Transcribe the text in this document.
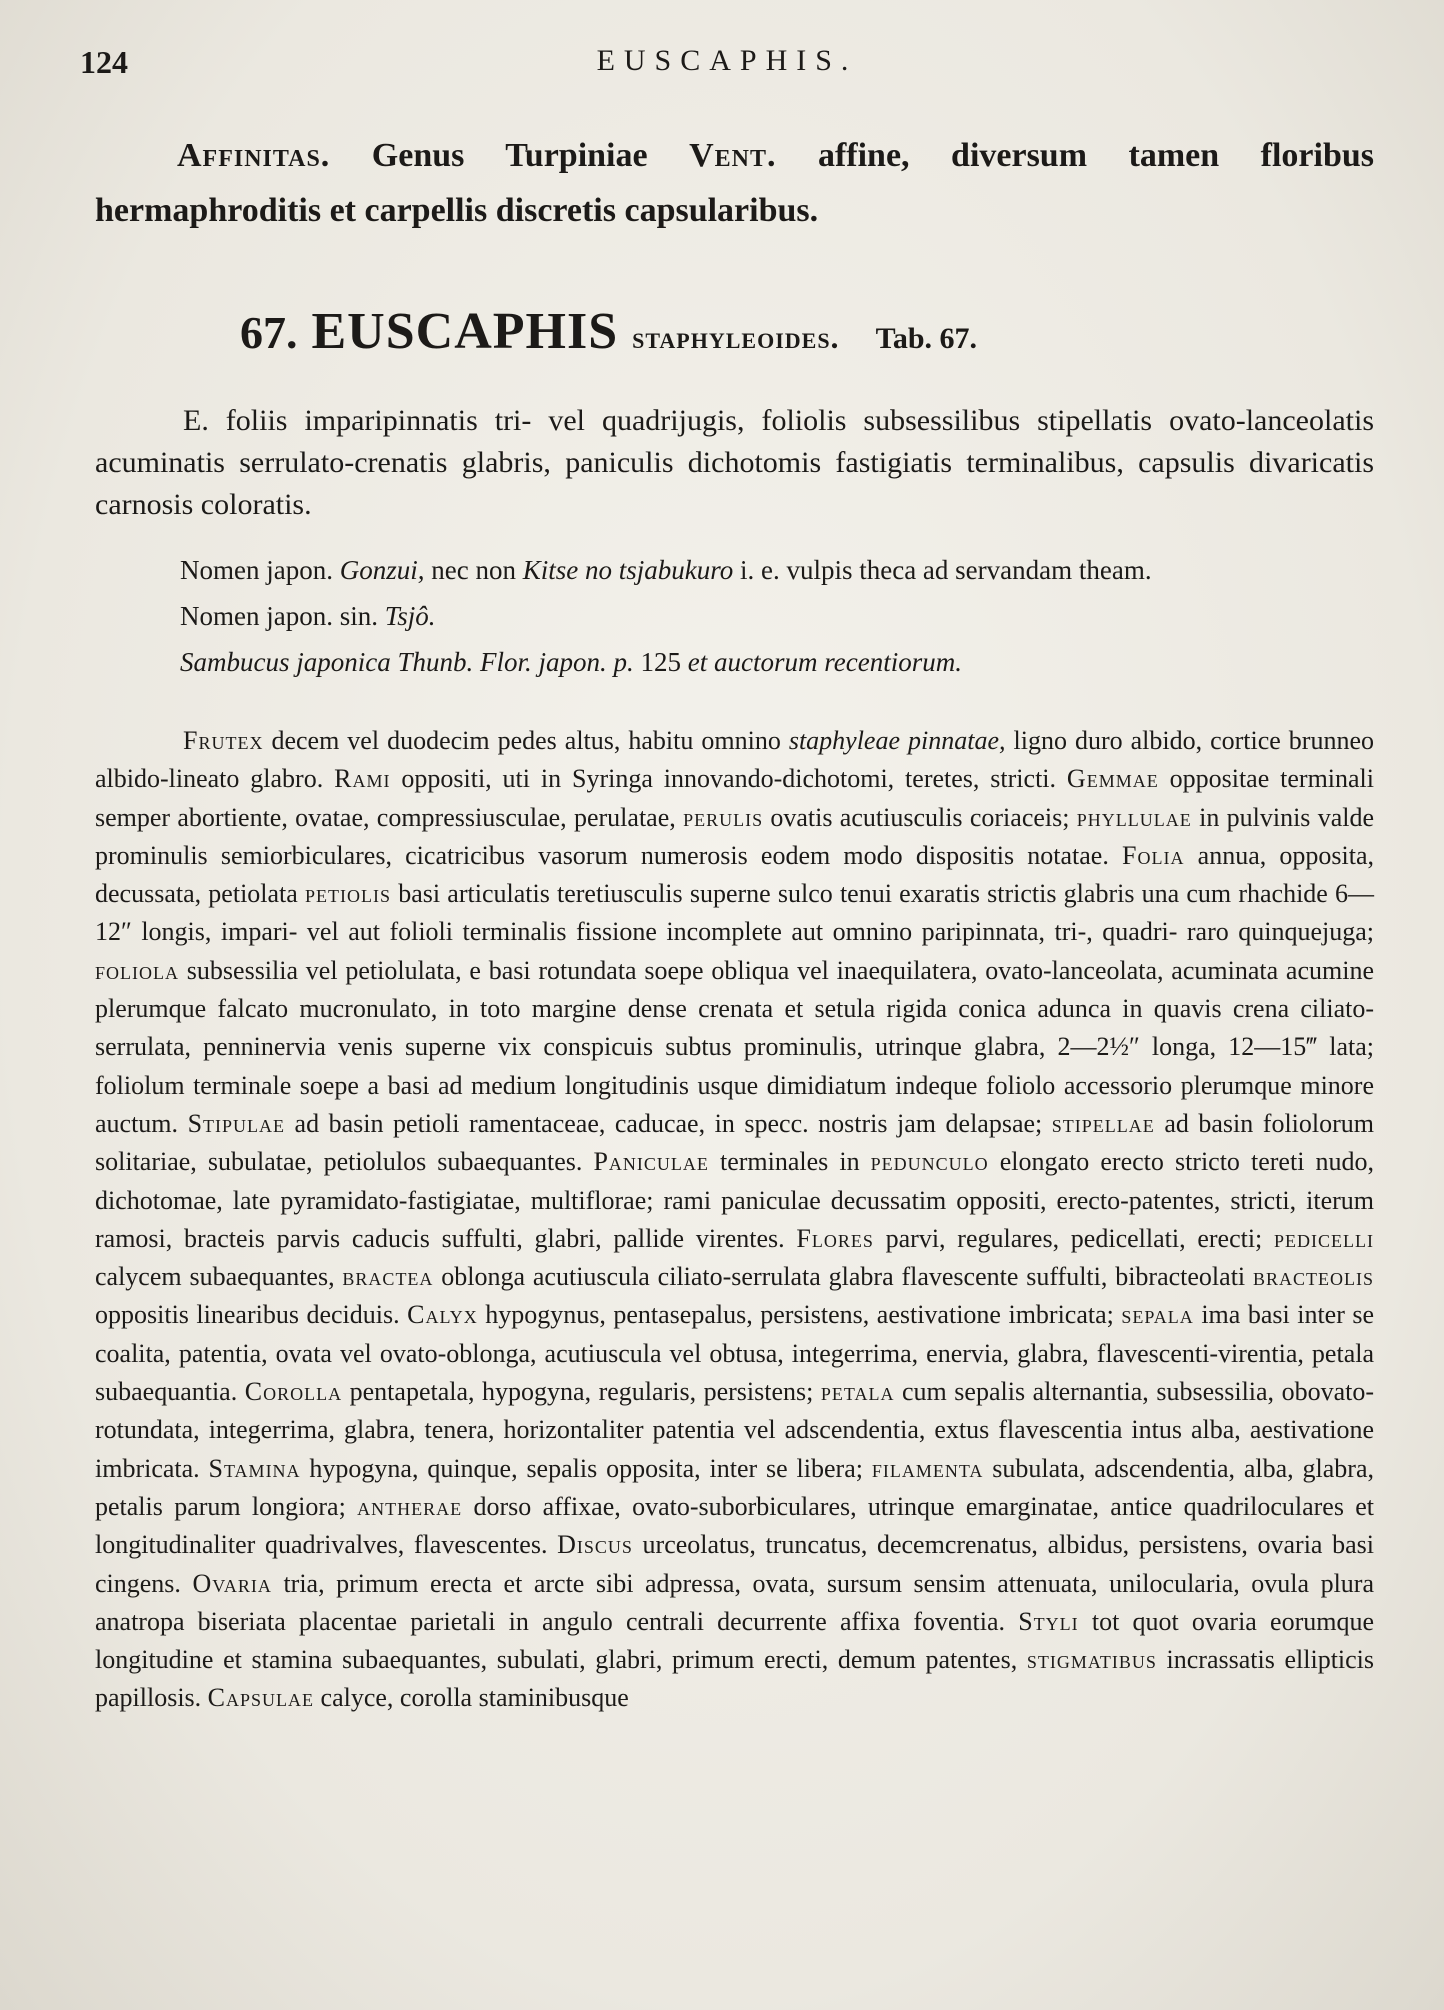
124	EUSCAPHIS.

Affinitas. Genus Turpiniae Vent. affine, diversum tamen floribus hermaphroditis et carpellis discretis capsularibus.

67. EUSCAPHIS staphyleoides. Tab. 67.

E. foliis imparipinnatis tri- vel quadrijugis, foliolis subsessilibus stipellatis ovato-lanceolatis acuminatis serrulato-crenatis glabris, paniculis dichotomis fastigiatis terminalibus, capsulis divaricatis carnosis coloratis.

Nomen japon. Gonzui, nec non Kitse no tsjabukuro i. e. vulpis theca ad servandam theam.
Nomen japon. sin. Tsjô.
Sambucus japonica Thunb. Flor. japon. p. 125 et auctorum recentiorum.

Frutex decem vel duodecim pedes altus, habitu omnino staphyleae pinnatae, ligno duro albido, cortice brunneo albido-lineato glabro. Rami oppositi, uti in Syringa innovando-dichotomi, teretes, stricti. Gemmae oppositae terminali semper abortiente, ovatae, compressiusculae, perulatae, perulis ovatis acutiusculis coriaceis; phyllulae in pulvinis valde prominulis semiorbiculares, cicatricibus vasorum numerosis eodem modo dispositis notatae. Folia annua, opposita, decussata, petiolata petiolis basi articulatis teretiusculis superne sulco tenui exaratis strictis glabris una cum rhachide 6—12″ longis, impari- vel aut folioli terminalis fissione incomplete aut omnino paripinnata, tri-, quadri- raro quinquejuga; foliola subsessilia vel petiolulata, e basi rotundata soepe obliqua vel inaequilatera, ovato-lanceolata, acuminata acumine plerumque falcato mucronulato, in toto margine dense crenata et setula rigida conica adunca in quavis crena ciliato-serrulata, penninervia venis superne vix conspicuis subtus prominulis, utrinque glabra, 2—2½″ longa, 12—15‴ lata; foliolum terminale soepe a basi ad medium longitudinis usque dimidiatum indeque foliolo accessorio plerumque minore auctum. Stipulae ad basin petioli ramentaceae, caducae, in specc. nostris jam delapsae; stipellae ad basin foliolorum solitariae, subulatae, petiolulos subaequantes. Paniculae terminales in pedunculo elongato erecto stricto tereti nudo, dichotomae, late pyramidato-fastigiatae, multiflorae; rami paniculae decussatim oppositi, erecto-patentes, stricti, iterum ramosi, bracteis parvis caducis suffulti, glabri, pallide virentes. Flores parvi, regulares, pedicellati, erecti; pedicelli calycem subaequantes, bractea oblonga acutiuscula ciliato-serrulata glabra flavescente suffulti, bibracteolati bracteolis oppositis linearibus deciduis. Calyx hypogynus, pentasepalus, persistens, aestivatione imbricata; sepala ima basi inter se coalita, patentia, ovata vel ovato-oblonga, acutiuscula vel obtusa, integerrima, enervia, glabra, flavescenti-virentia, petala subaequantia. Corolla pentapetala, hypogyna, regularis, persistens; petala cum sepalis alternantia, subsessilia, obovato-rotundata, integerrima, glabra, tenera, horizontaliter patentia vel adscendentia, extus flavescentia intus alba, aestivatione imbricata. Stamina hypogyna, quinque, sepalis opposita, inter se libera; filamenta subulata, adscendentia, alba, glabra, petalis parum longiora; antherae dorso affixae, ovato-suborbiculares, utrinque emarginatae, antice quadriloculares et longitudinaliter quadrivalves, flavescentes. Discus urceolatus, truncatus, decemcrenatus, albidus, persistens, ovaria basi cingens. Ovaria tria, primum erecta et arcte sibi adpressa, ovata, sursum sensim attenuata, unilocularia, ovula plura anatropa biseriata placentae parietali in angulo centrali decurrente affixa foventia. Styli tot quot ovaria eorumque longitudine et stamina subaequantes, subulati, glabri, primum erecti, demum patentes, stigmatibus incrassatis ellipticis papillosis. Capsulae calyce, corolla staminibusque
